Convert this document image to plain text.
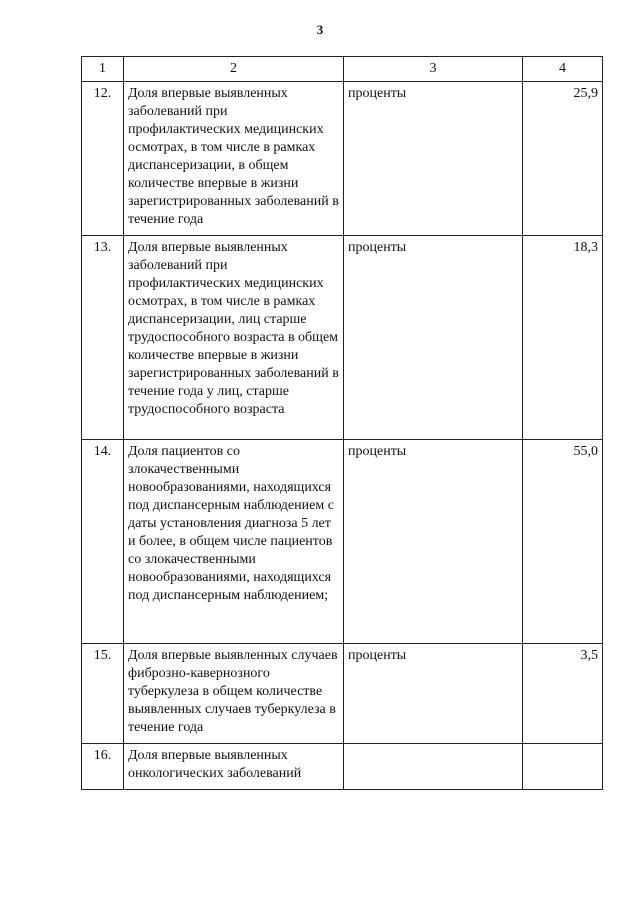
3
1	2	3	4
12.	Доля впервые выявленных заболеваний при профилактических медицинских осмотрах, в том числе в рамках диспансеризации, в общем количестве впервые в жизни зарегистрированных заболеваний в течение года	проценты	25,9
13.	Доля впервые выявленных заболеваний при профилактических медицинских осмотрах, в том числе в рамках диспансеризации, лиц старше трудоспособного возраста в общем количестве впервые в жизни зарегистрированных заболеваний в течение года у лиц, старше трудоспособного возраста	проценты	18,3
14.	Доля пациентов со злокачественными новообразованиями, находящихся под диспансерным наблюдением с даты установления диагноза 5 лет и более, в общем числе пациентов со злокачественными новообразованиями, находящихся под диспансерным наблюдением;	проценты	55,0
15.	Доля впервые выявленных случаев фиброзно-кавернозного туберкулеза в общем количестве выявленных случаев туберкулеза в течение года	проценты	3,5
16.	Доля впервые выявленных онкологических заболеваний		
